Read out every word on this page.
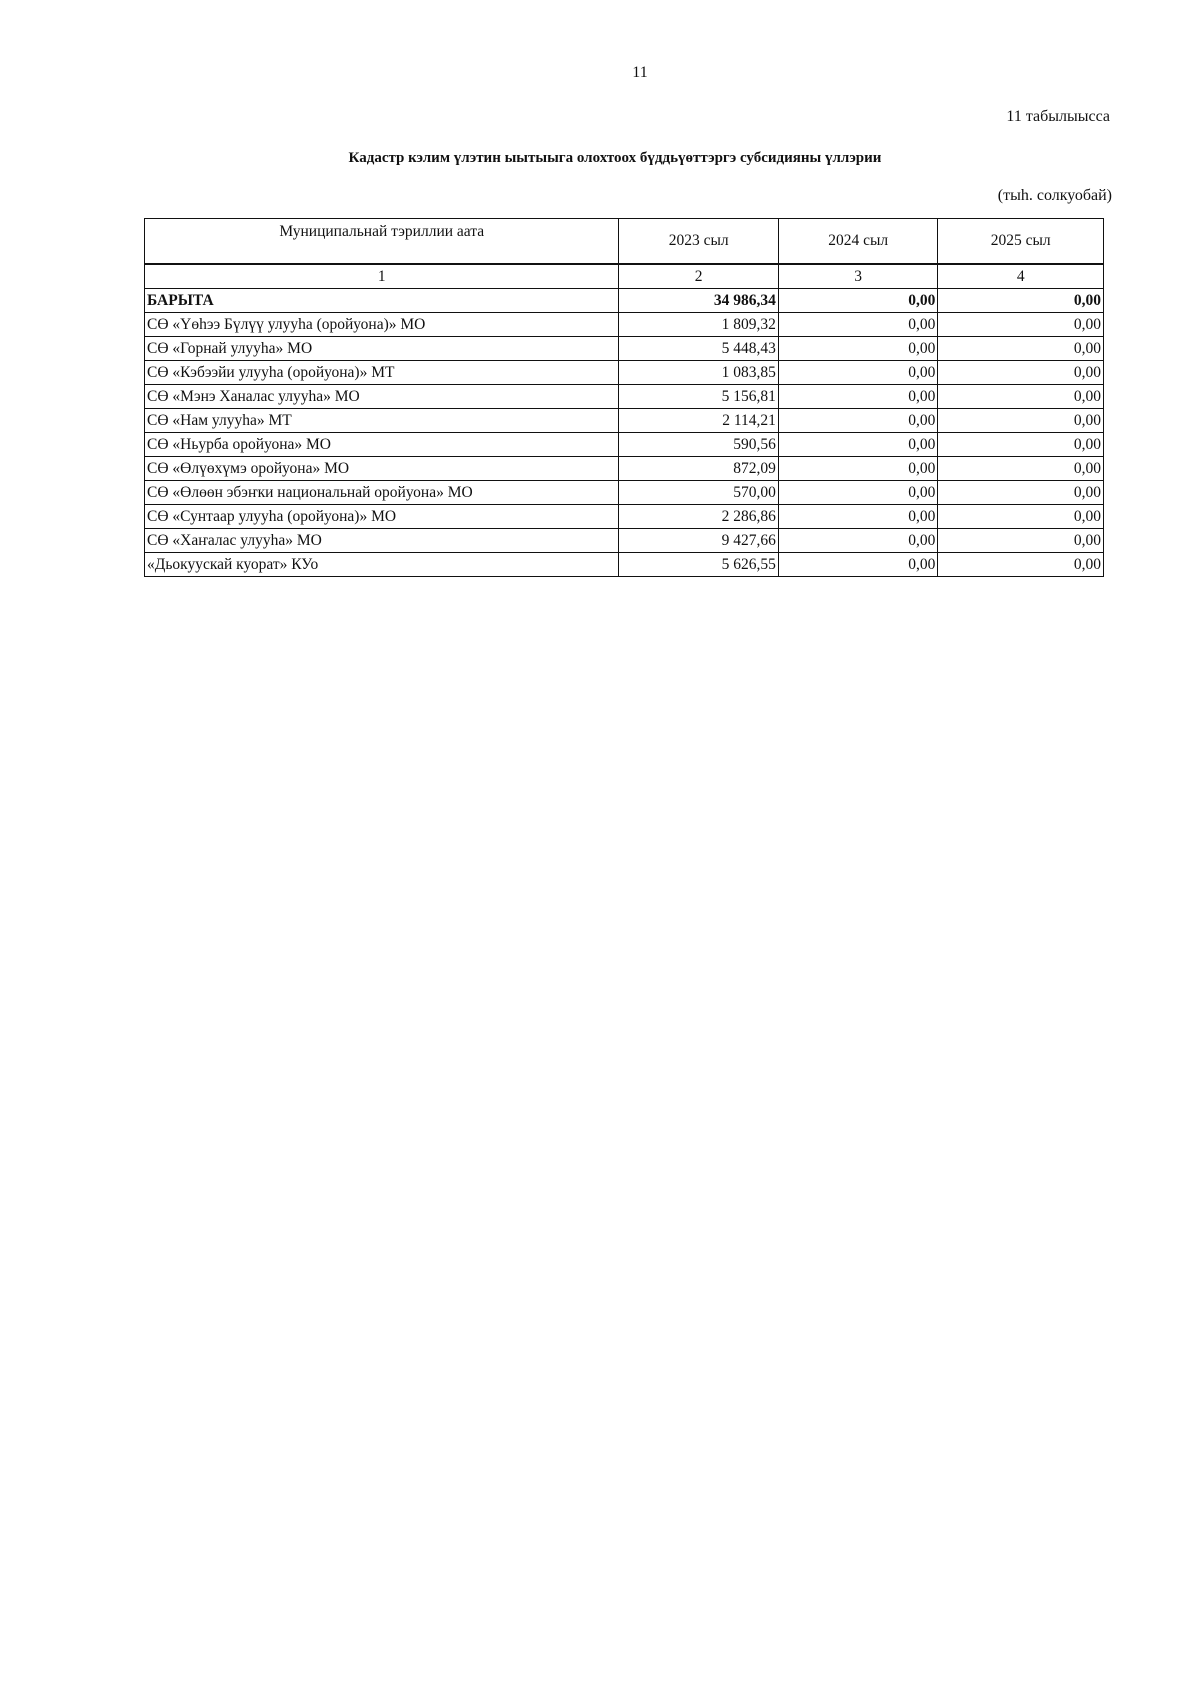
11
11 табылыысса
Кадастр кэлим үлэтин ыытыыга олохтоох бүддьүөттэргэ субсидияны үллэрии
(тыһ. солкуобай)
Муниципальнай тэриллии аата	2023 сыл	2024 сыл	2025 сыл
1	2	3	4
БАРЫТА	34 986,34	0,00	0,00
СӨ «Үөһээ Бүлүү улууһа (оройуона)» МО	1 809,32	0,00	0,00
СӨ «Горнай улууһа» МО	5 448,43	0,00	0,00
СӨ «Кэбээйи улууһа (оройуона)» МТ	1 083,85	0,00	0,00
СӨ «Мэнэ Ханалас улууһа» МО	5 156,81	0,00	0,00
СӨ «Нам улууһа» МТ	2 114,21	0,00	0,00
СӨ «Ньурба оройуона» МО	590,56	0,00	0,00
СӨ «Өлүөхүмэ оройуона» МО	872,09	0,00	0,00
СӨ «Өлөөн эбэҥки национальнай оройуона» МО	570,00	0,00	0,00
СӨ «Сунтаар улууһа (оройуона)» МО	2 286,86	0,00	0,00
СӨ «Хаҥалас улууһа» МО	9 427,66	0,00	0,00
«Дьокуускай куорат» КУо	5 626,55	0,00	0,00
